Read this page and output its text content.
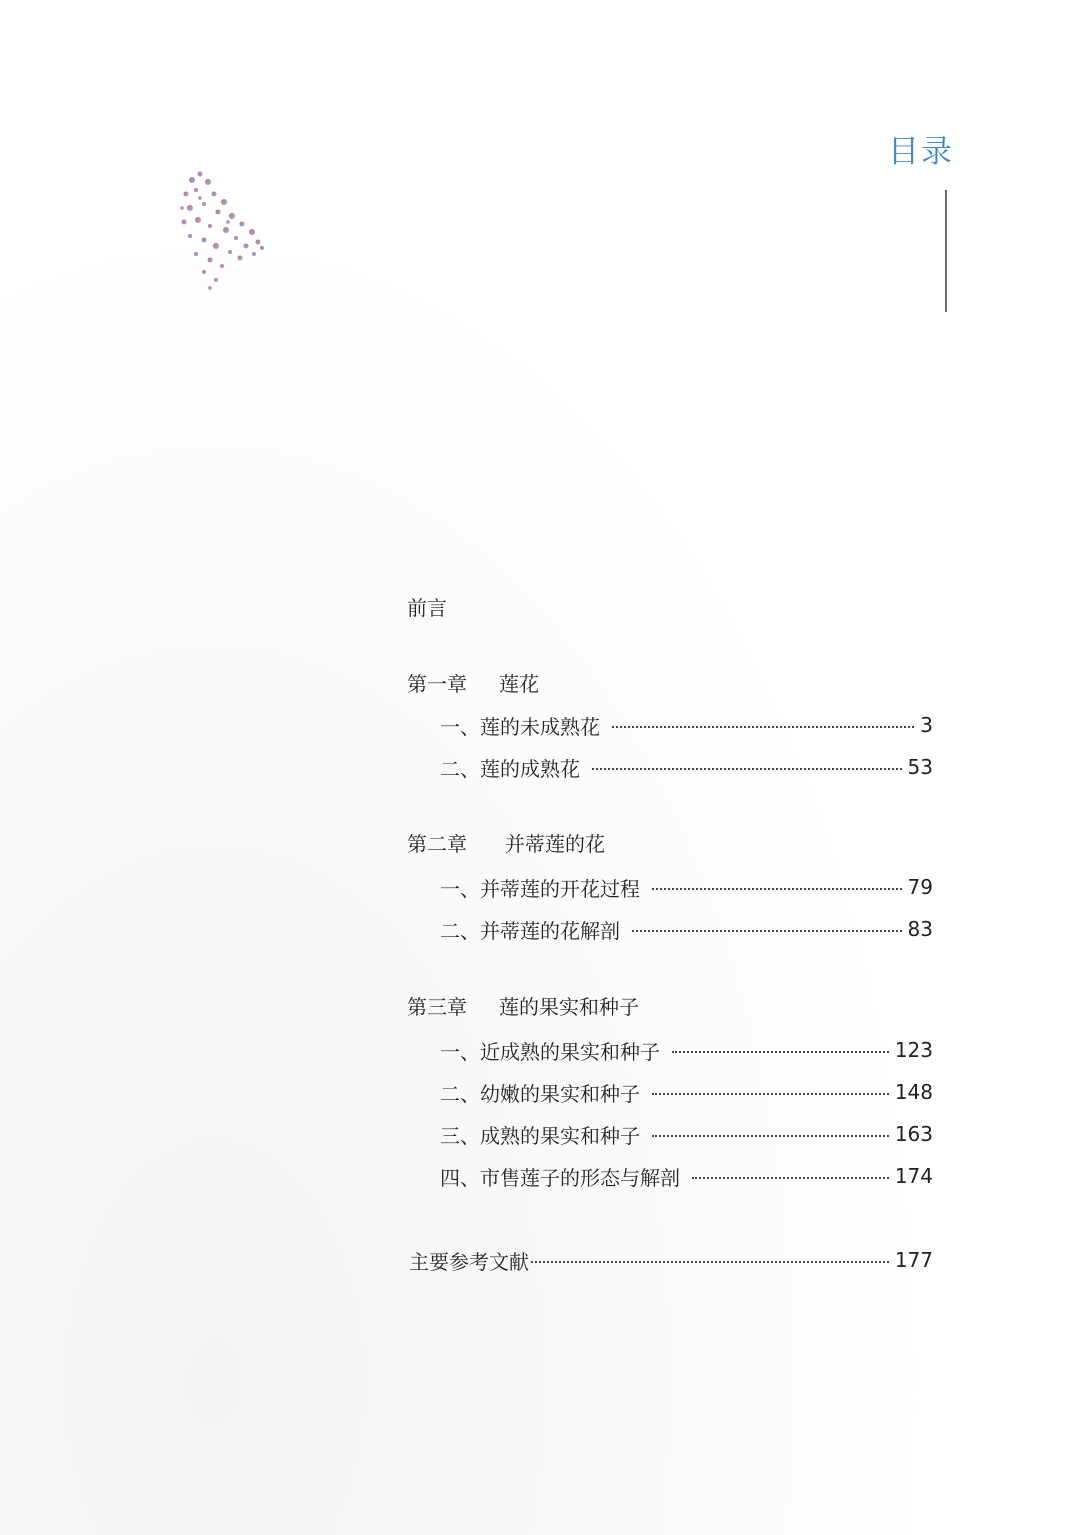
目录
前言
第一章 莲花
一、莲的未成熟花	3
二、莲的成熟花	53
第二章 并蒂莲的花
一、并蒂莲的开花过程	79
二、并蒂莲的花解剖	83
第三章 莲的果实和种子
一、近成熟的果实和种子	123
二、幼嫩的果实和种子	148
三、成熟的果实和种子	163
四、市售莲子的形态与解剖	174
主要参考文献	177
